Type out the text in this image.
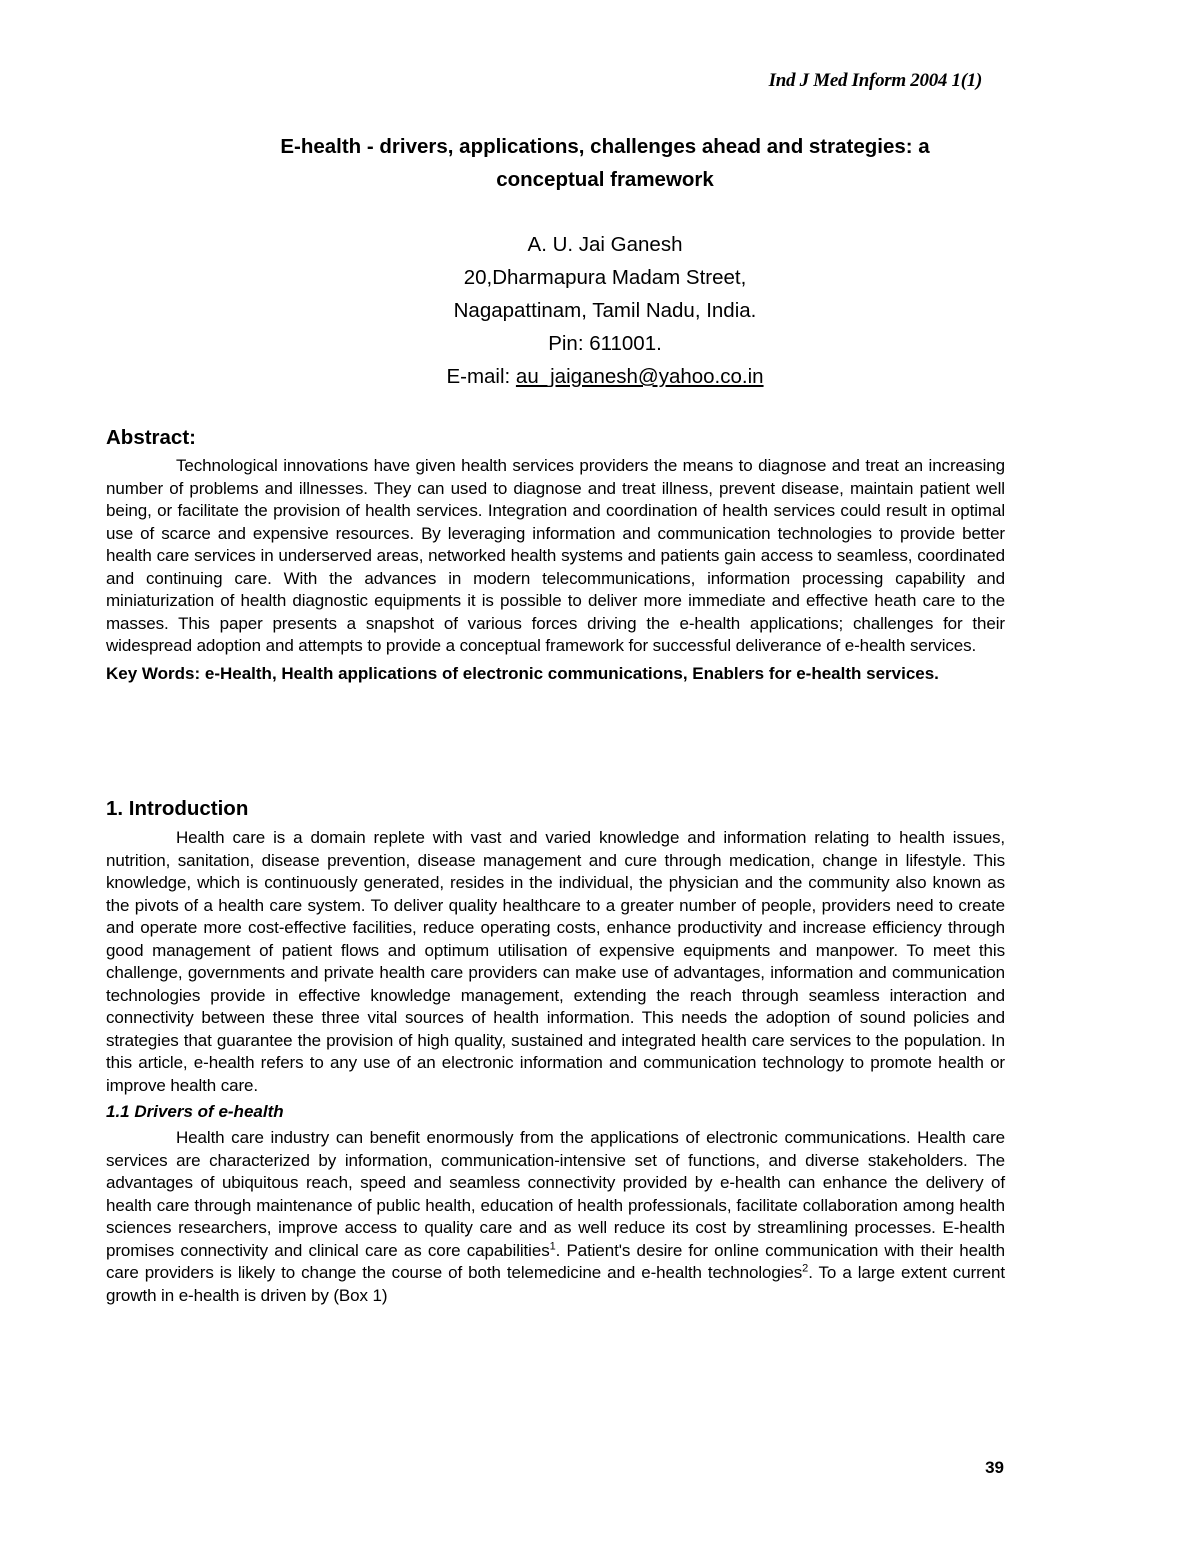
Ind J Med Inform 2004 1(1)
E-health - drivers, applications, challenges ahead and strategies: a
conceptual framework
A. U. Jai Ganesh
20,Dharmapura Madam Street,
Nagapattinam, Tamil Nadu, India.
Pin: 611001.
E-mail: au_jaiganesh@yahoo.co.in
Abstract:

Technological innovations have given health services providers the means to diagnose and treat an increasing number of problems and illnesses. They can used to diagnose and treat illness, prevent disease, maintain patient well being, or facilitate the provision of health services. Integration and coordination of health services could result in optimal use of scarce and expensive resources. By leveraging information and communication technologies to provide better health care services in underserved areas, networked health systems and patients gain access to seamless, coordinated and continuing care. With the advances in modern telecommunications, information processing capability and miniaturization of health diagnostic equipments it is possible to deliver more immediate and effective heath care to the masses. This paper presents a snapshot of various forces driving the e-health applications; challenges for their widespread adoption and attempts to provide a conceptual framework for successful deliverance of e-health services.

Key Words: e-Health, Health applications of electronic communications, Enablers for e-health services.

1. Introduction

Health care is a domain replete with vast and varied knowledge and information relating to health issues, nutrition, sanitation, disease prevention, disease management and cure through medication, change in lifestyle. This knowledge, which is continuously generated, resides in the individual, the physician and the community also known as the pivots of a health care system. To deliver quality healthcare to a greater number of people, providers need to create and operate more cost-effective facilities, reduce operating costs, enhance productivity and increase efficiency through good management of patient flows and optimum utilisation of expensive equipments and manpower. To meet this challenge, governments and private health care providers can make use of advantages, information and communication technologies provide in effective knowledge management, extending the reach through seamless interaction and connectivity between these three vital sources of health information. This needs the adoption of sound policies and strategies that guarantee the provision of high quality, sustained and integrated health care services to the population. In this article, e-health refers to any use of an electronic information and communication technology to promote health or improve health care.

1.1 Drivers of e-health

Health care industry can benefit enormously from the applications of electronic communications. Health care services are characterized by information, communication-intensive set of functions, and diverse stakeholders. The advantages of ubiquitous reach, speed and seamless connectivity provided by e-health can enhance the delivery of health care through maintenance of public health, education of health professionals, facilitate collaboration among health sciences researchers, improve access to quality care and as well reduce its cost by streamlining processes. E-health promises connectivity and clinical care as core capabilities$^1$. Patient's desire for online communication with their health care providers is likely to change the course of both telemedicine and e-health technologies$^2$. To a large extent current growth in e-health is driven by (Box 1)

39
